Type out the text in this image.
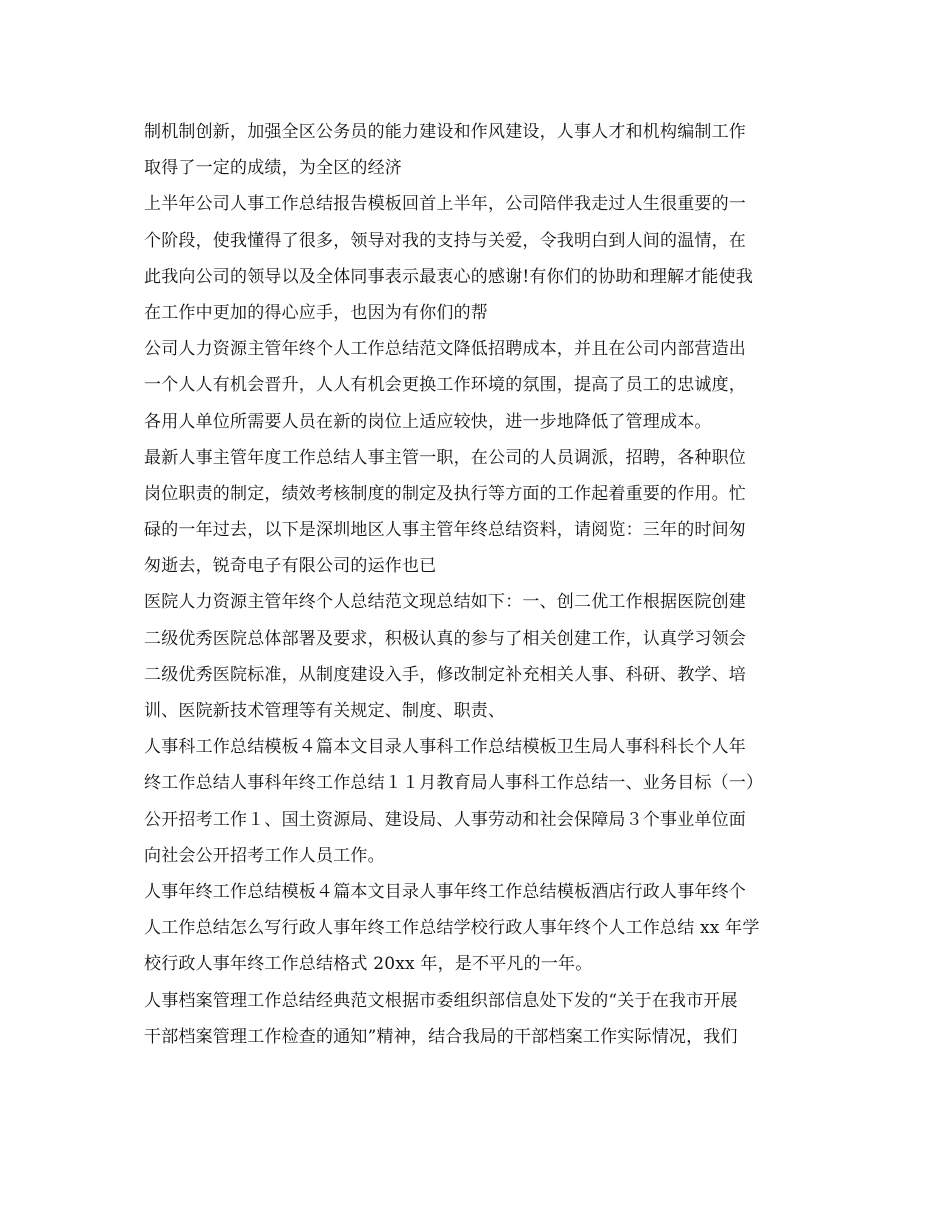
制机制创新，加强全区公务员的能力建设和作风建设，人事人才和机构编制工作
取得了一定的成绩，为全区的经济
上半年公司人事工作总结报告模板回首上半年，公司陪伴我走过人生很重要的一
个阶段，使我懂得了很多，领导对我的支持与关爱，令我明白到人间的温情，在
此我向公司的领导以及全体同事表示最衷心的感谢!有你们的协助和理解才能使我
在工作中更加的得心应手，也因为有你们的帮
公司人力资源主管年终个人工作总结范文降低招聘成本，并且在公司内部营造出
一个人人有机会晋升，人人有机会更换工作环境的氛围，提高了员工的忠诚度，
各用人单位所需要人员在新的岗位上适应较快，进一步地降低了管理成本。
最新人事主管年度工作总结人事主管一职，在公司的人员调派，招聘，各种职位
岗位职责的制定，绩效考核制度的制定及执行等方面的工作起着重要的作用。忙
碌的一年过去，以下是深圳地区人事主管年终总结资料，请阅览：三年的时间匆
匆逝去，锐奇电子有限公司的运作也已
医院人力资源主管年终个人总结范文现总结如下：一、创二优工作根据医院创建
二级优秀医院总体部署及要求，积极认真的参与了相关创建工作，认真学习领会
二级优秀医院标准，从制度建设入手，修改制定补充相关人事、科研、教学、培
训、医院新技术管理等有关规定、制度、职责、
人事科工作总结模板４篇本文目录人事科工作总结模板卫生局人事科科长个人年
终工作总结人事科年终工作总结１１月教育局人事科工作总结一、业务目标（一）
公开招考工作１、国土资源局、建设局、人事劳动和社会保障局３个事业单位面
向社会公开招考工作人员工作。
人事年终工作总结模板４篇本文目录人事年终工作总结模板酒店行政人事年终个
人工作总结怎么写行政人事年终工作总结学校行政人事年终个人工作总结 xx 年学
校行政人事年终工作总结格式 20xx 年，是不平凡的一年。
人事档案管理工作总结经典范文根据市委组织部信息处下发的“关于在我市开展
干部档案管理工作检查的通知”精神，结合我局的干部档案工作实际情况，我们
